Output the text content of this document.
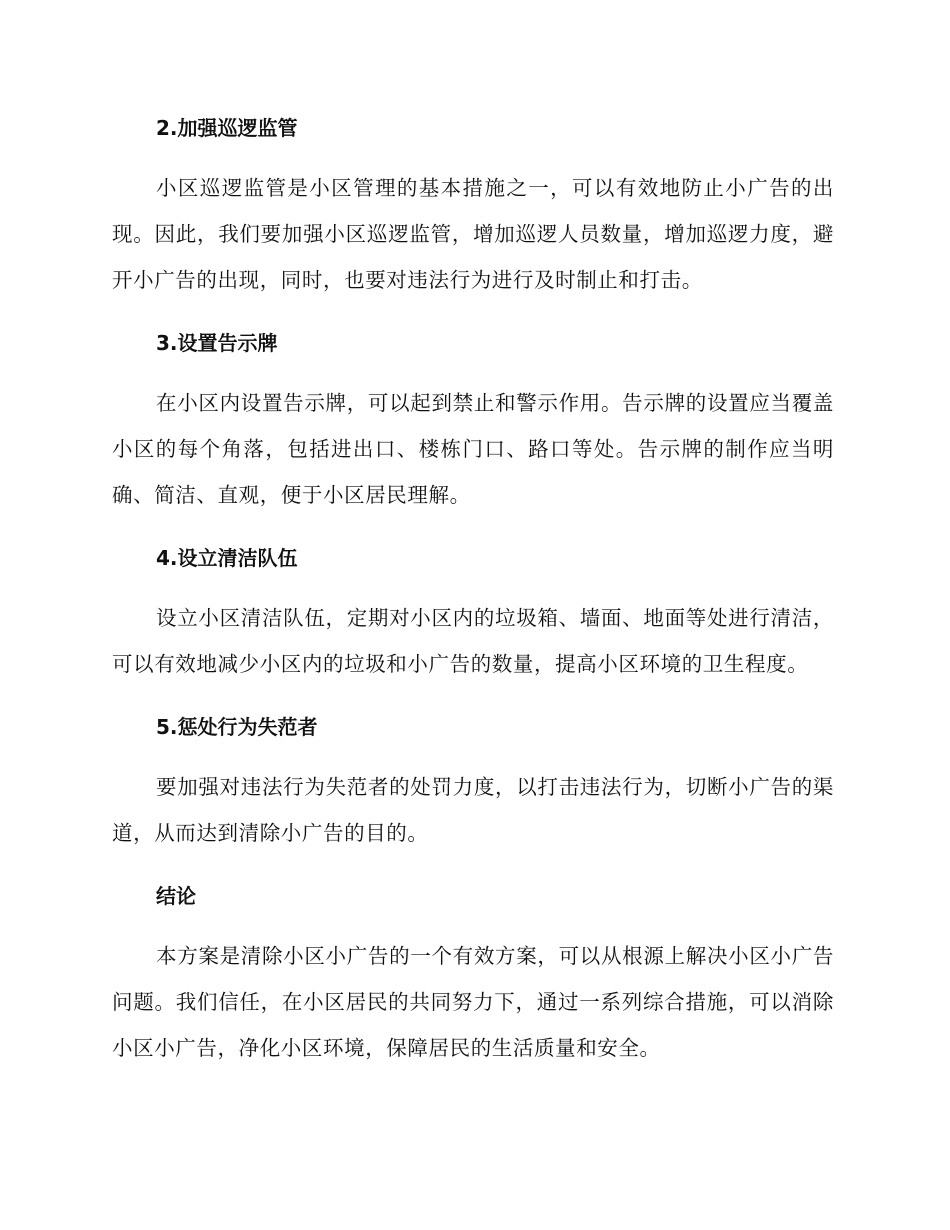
2.加强巡逻监管

小区巡逻监管是小区管理的基本措施之一，可以有效地防止小广告的出现。因此，我们要加强小区巡逻监管，增加巡逻人员数量，增加巡逻力度，避开小广告的出现，同时，也要对违法行为进行及时制止和打击。

3.设置告示牌

在小区内设置告示牌，可以起到禁止和警示作用。告示牌的设置应当覆盖小区的每个角落，包括进出口、楼栋门口、路口等处。告示牌的制作应当明确、简洁、直观，便于小区居民理解。

4.设立清洁队伍

设立小区清洁队伍，定期对小区内的垃圾箱、墙面、地面等处进行清洁，可以有效地减少小区内的垃圾和小广告的数量，提高小区环境的卫生程度。

5.惩处行为失范者

要加强对违法行为失范者的处罚力度，以打击违法行为，切断小广告的渠道，从而达到清除小广告的目的。

结论

本方案是清除小区小广告的一个有效方案，可以从根源上解决小区小广告问题。我们信任，在小区居民的共同努力下，通过一系列综合措施，可以消除小区小广告，净化小区环境，保障居民的生活质量和安全。
